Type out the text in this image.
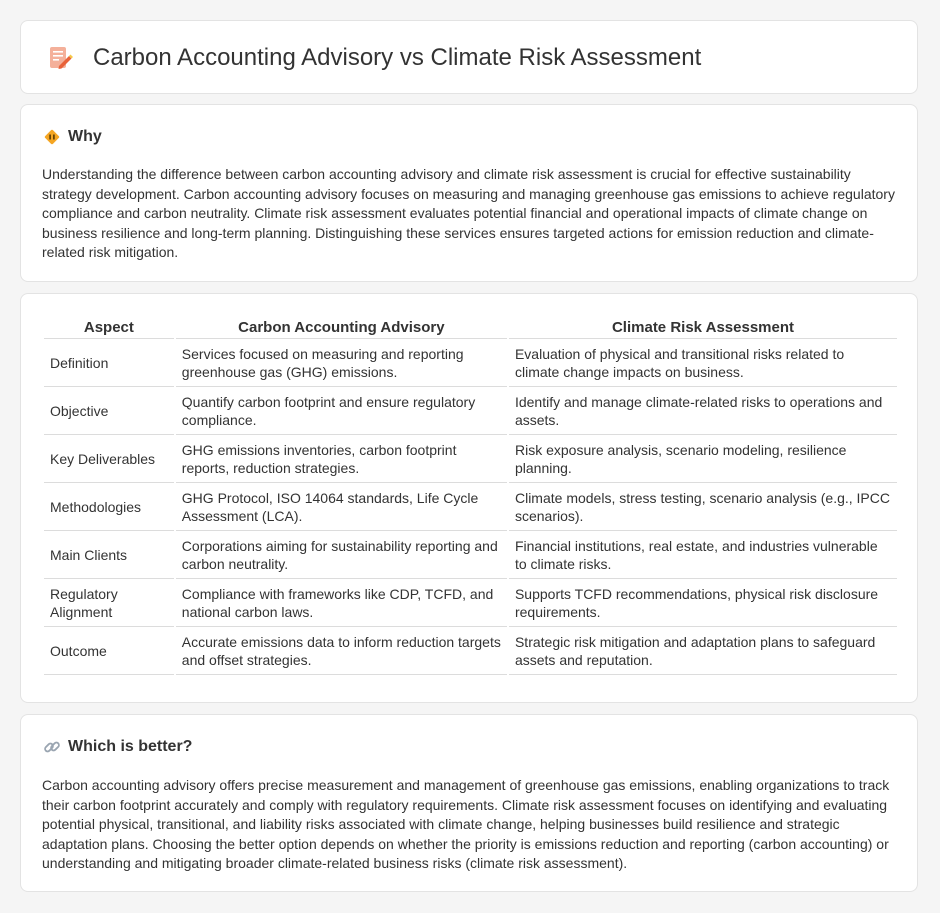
Carbon Accounting Advisory vs Climate Risk Assessment
Why

Understanding the difference between carbon accounting advisory and climate risk assessment is crucial for effective sustainability strategy development. Carbon accounting advisory focuses on measuring and managing greenhouse gas emissions to achieve regulatory compliance and carbon neutrality. Climate risk assessment evaluates potential financial and operational impacts of climate change on business resilience and long-term planning. Distinguishing these services ensures targeted actions for emission reduction and climate-related risk mitigation.

Aspect	Carbon Accounting Advisory	Climate Risk Assessment
Definition	Services focused on measuring and reporting greenhouse gas (GHG) emissions.	Evaluation of physical and transitional risks related to climate change impacts on business.
Objective	Quantify carbon footprint and ensure regulatory compliance.	Identify and manage climate-related risks to operations and assets.
Key Deliverables	GHG emissions inventories, carbon footprint reports, reduction strategies.	Risk exposure analysis, scenario modeling, resilience planning.
Methodologies	GHG Protocol, ISO 14064 standards, Life Cycle Assessment (LCA).	Climate models, stress testing, scenario analysis (e.g., IPCC scenarios).
Main Clients	Corporations aiming for sustainability reporting and carbon neutrality.	Financial institutions, real estate, and industries vulnerable to climate risks.
Regulatory Alignment	Compliance with frameworks like CDP, TCFD, and national carbon laws.	Supports TCFD recommendations, physical risk disclosure requirements.
Outcome	Accurate emissions data to inform reduction targets and offset strategies.	Strategic risk mitigation and adaptation plans to safeguard assets and reputation.
Which is better?

Carbon accounting advisory offers precise measurement and management of greenhouse gas emissions, enabling organizations to track their carbon footprint accurately and comply with regulatory requirements. Climate risk assessment focuses on identifying and evaluating potential physical, transitional, and liability risks associated with climate change, helping businesses build resilience and strategic adaptation plans. Choosing the better option depends on whether the priority is emissions reduction and reporting (carbon accounting) or understanding and mitigating broader climate-related business risks (climate risk assessment).
